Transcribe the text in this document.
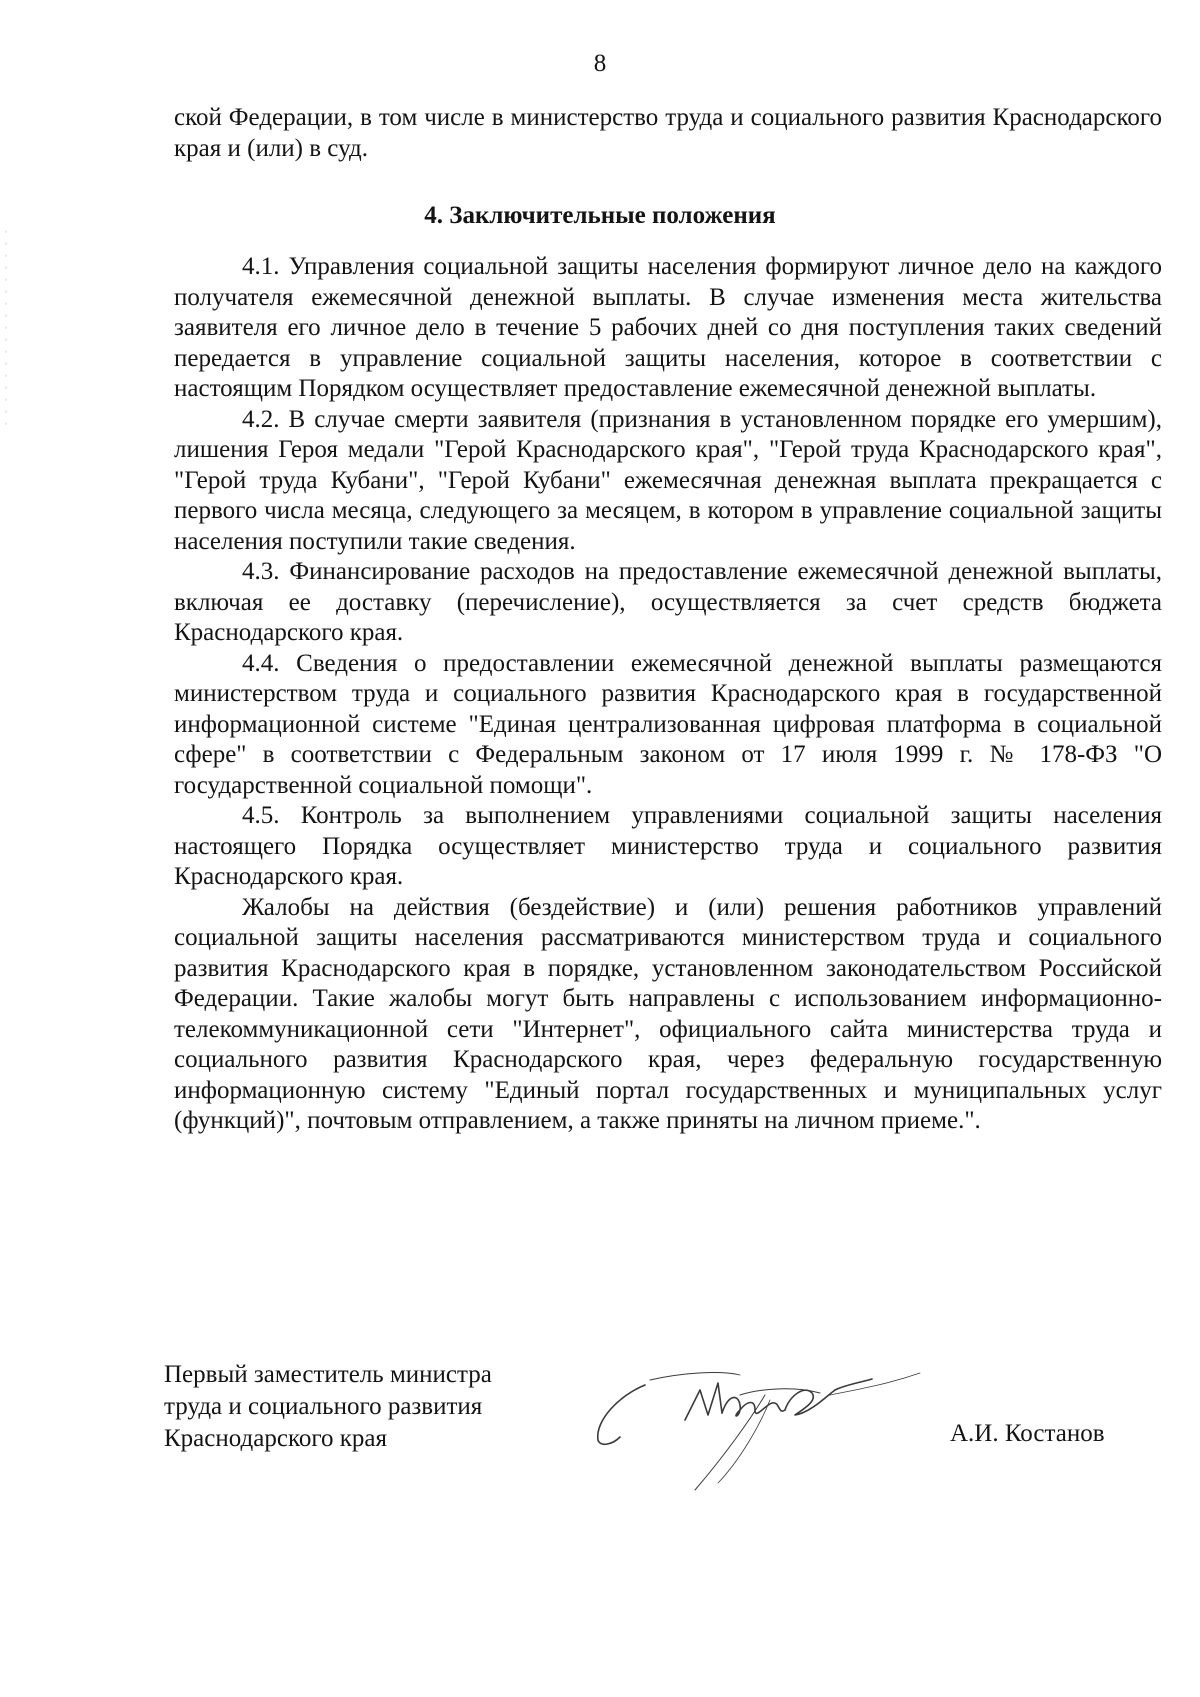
8

ской Федерации, в том числе в министерство труда и социального развития Краснодарского края и (или) в суд.

4. Заключительные положения

4.1. Управления социальной защиты населения формируют личное дело на каждого получателя ежемесячной денежной выплаты. В случае изменения места жительства заявителя его личное дело в течение 5 рабочих дней со дня поступления таких сведений передается в управление социальной защиты населения, которое в соответствии с настоящим Порядком осуществляет предоставление ежемесячной денежной выплаты.

4.2. В случае смерти заявителя (признания в установленном порядке его умершим), лишения Героя медали "Герой Краснодарского края", "Герой труда Краснодарского края", "Герой труда Кубани", "Герой Кубани" ежемесячная денежная выплата прекращается с первого числа месяца, следующего за месяцем, в котором в управление социальной защиты населения поступили такие сведения.

4.3. Финансирование расходов на предоставление ежемесячной денежной выплаты, включая ее доставку (перечисление), осуществляется за счет средств бюджета Краснодарского края.

4.4. Сведения о предоставлении ежемесячной денежной выплаты размещаются министерством труда и социального развития Краснодарского края в государственной информационной системе "Единая централизованная цифровая платформа в социальной сфере" в соответствии с Федеральным законом от 17 июля 1999 г. № 178-ФЗ "О государственной социальной помощи".

4.5. Контроль за выполнением управлениями социальной защиты населения настоящего Порядка осуществляет министерство труда и социального развития Краснодарского края.

Жалобы на действия (бездействие) и (или) решения работников управлений социальной защиты населения рассматриваются министерством труда и социального развития Краснодарского края в порядке, установленном законодательством Российской Федерации. Такие жалобы могут быть направлены с использованием информационно-телекоммуникационной сети "Интернет", официального сайта министерства труда и социального развития Краснодарского края, через федеральную государственную информационную систему "Единый портал государственных и муниципальных услуг (функций)", почтовым отправлением, а также приняты на личном приеме.".

Первый заместитель министра
труда и социального развития
Краснодарского края	А.И. Костанов
